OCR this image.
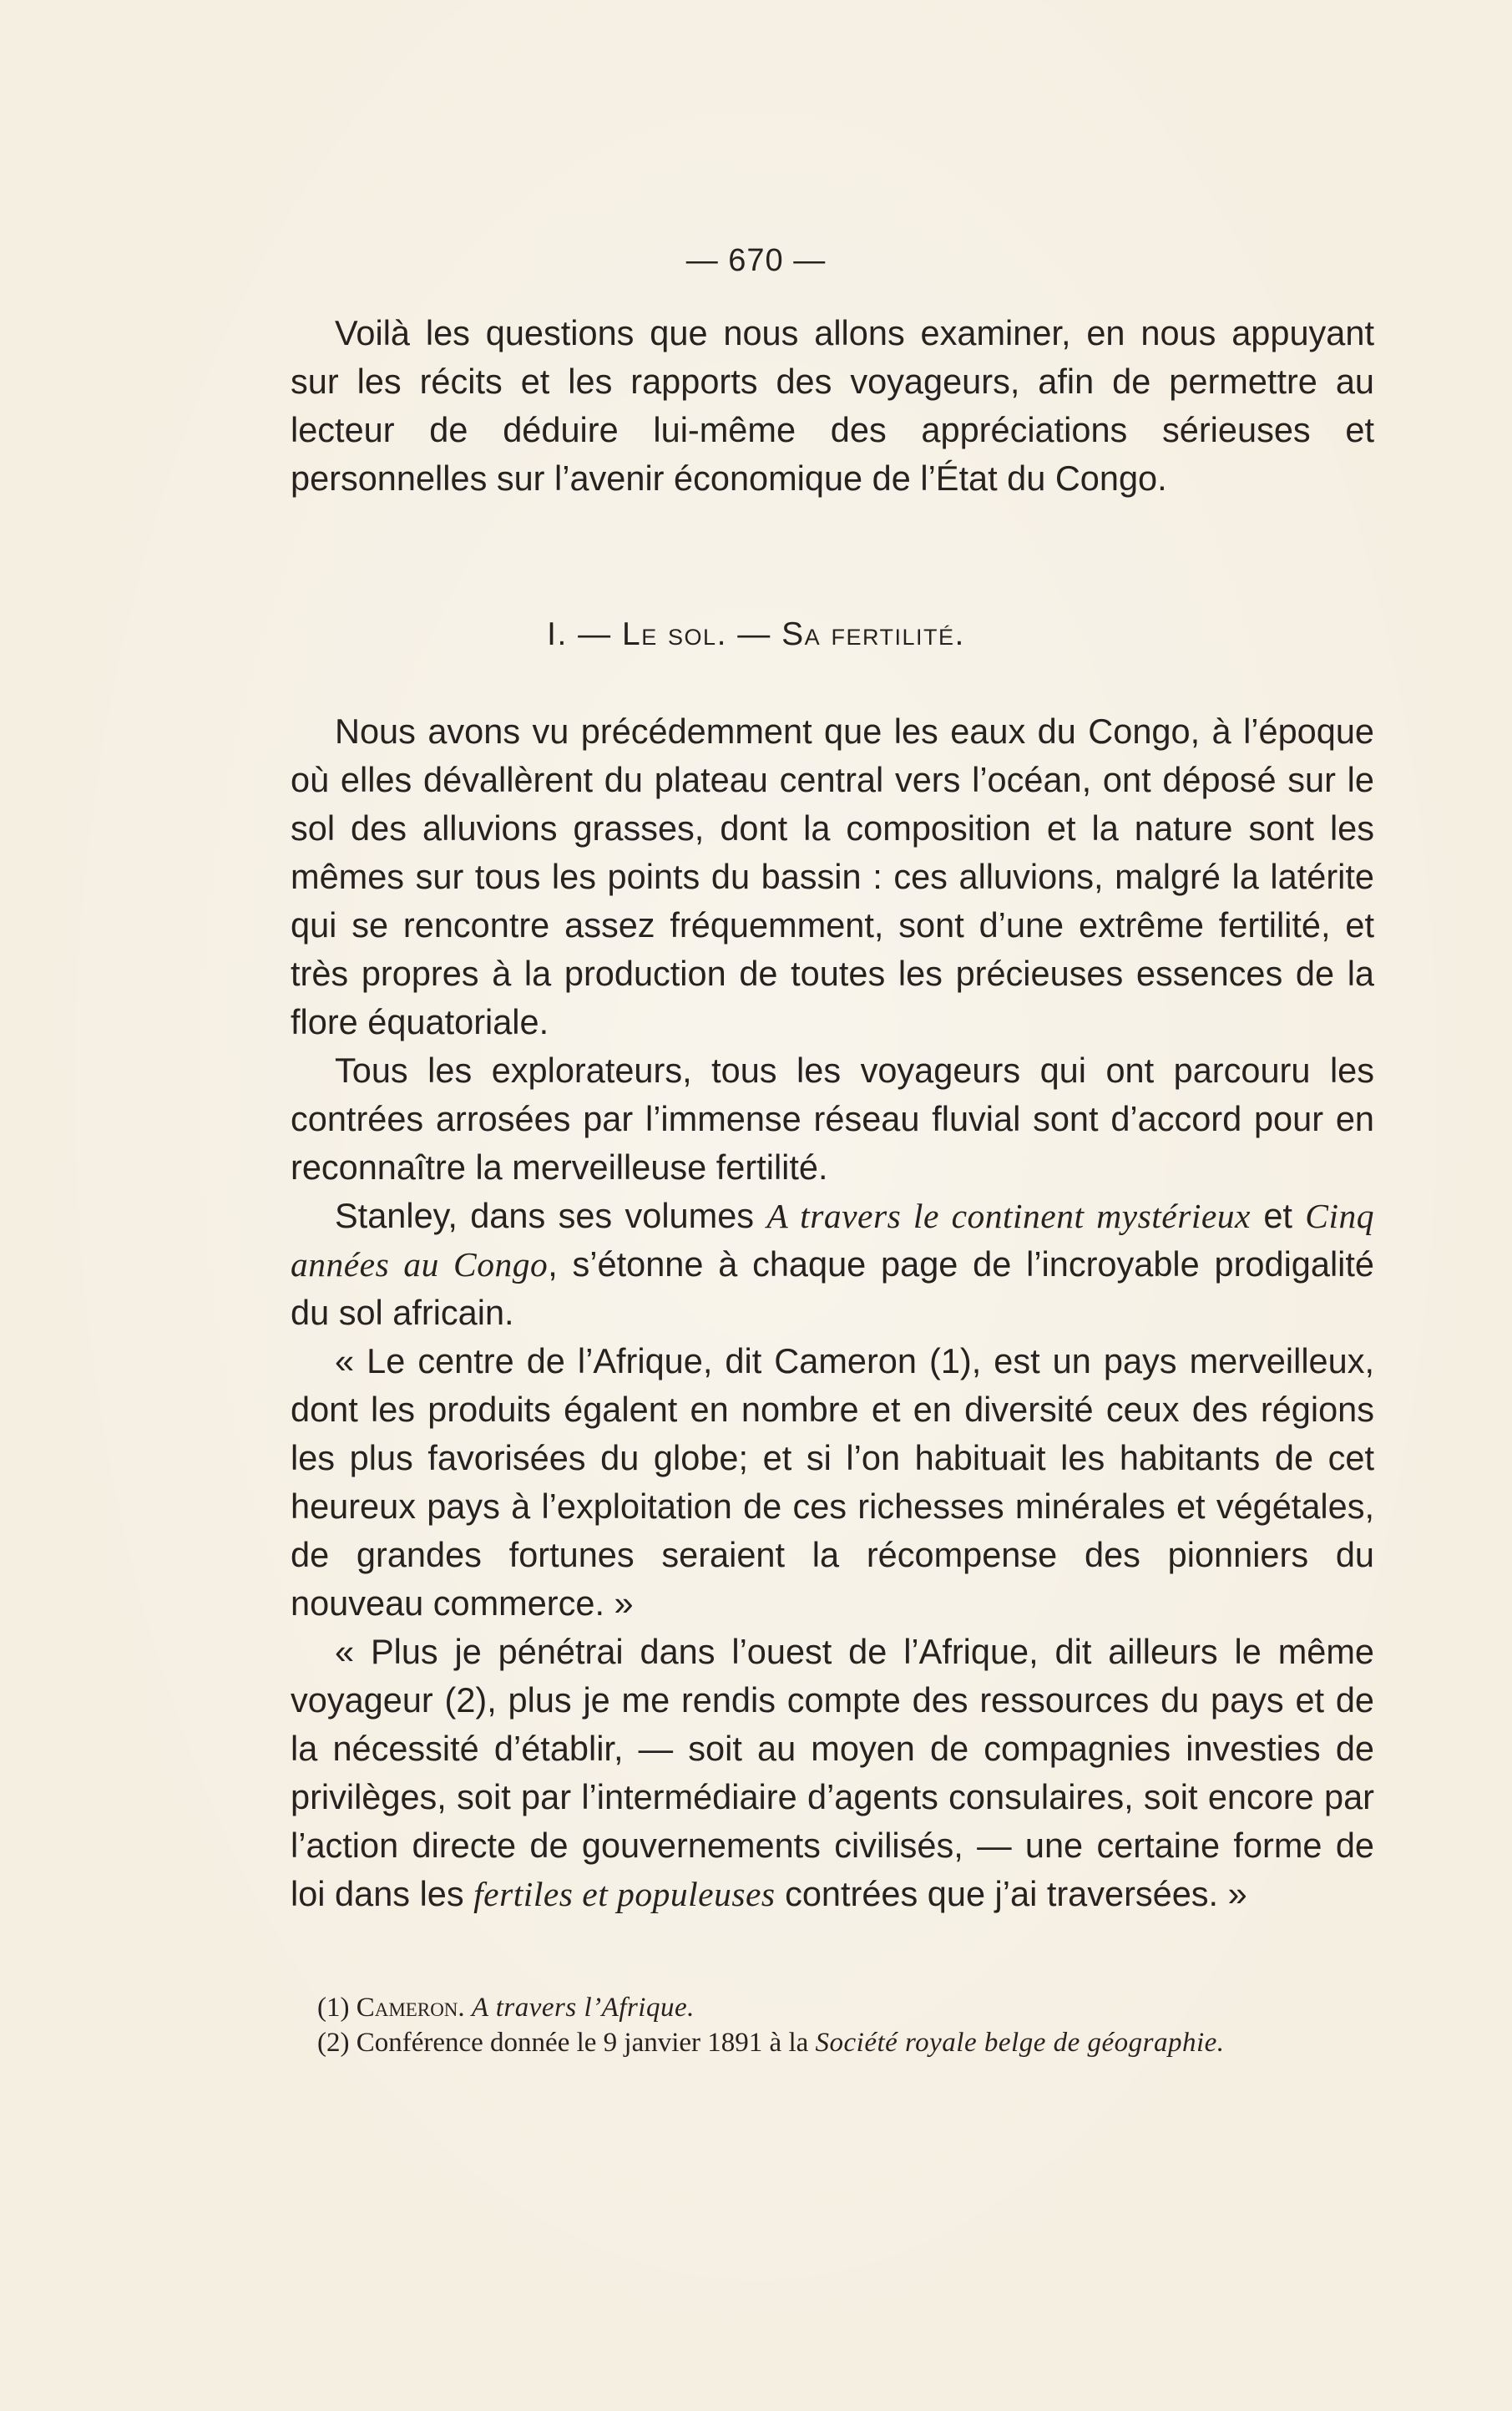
— 670 —

Voilà les questions que nous allons examiner, en nous appuyant sur les récits et les rapports des voyageurs, afin de permettre au lecteur de déduire lui-même des appréciations sérieuses et personnelles sur l’avenir économique de l’État du Congo.

I. — Le sol. — Sa fertilité.

Nous avons vu précédemment que les eaux du Congo, à l’époque où elles dévallèrent du plateau central vers l’océan, ont déposé sur le sol des alluvions grasses, dont la composition et la nature sont les mêmes sur tous les points du bassin : ces alluvions, malgré la latérite qui se rencontre assez fréquemment, sont d’une extrême fertilité, et très propres à la production de toutes les précieuses essences de la flore équatoriale.

Tous les explorateurs, tous les voyageurs qui ont parcouru les contrées arrosées par l’immense réseau fluvial sont d’accord pour en reconnaître la merveilleuse fertilité.

Stanley, dans ses volumes A travers le continent mystérieux et Cinq années au Congo, s’étonne à chaque page de l’incroyable prodigalité du sol africain.

« Le centre de l’Afrique, dit Cameron (1), est un pays merveilleux, dont les produits égalent en nombre et en diversité ceux des régions les plus favorisées du globe; et si l’on habituait les habitants de cet heureux pays à l’exploitation de ces richesses minérales et végétales, de grandes fortunes seraient la récompense des pionniers du nouveau commerce. »

« Plus je pénétrai dans l’ouest de l’Afrique, dit ailleurs le même voyageur (2), plus je me rendis compte des ressources du pays et de la nécessité d’établir, — soit au moyen de compagnies investies de privilèges, soit par l’intermédiaire d’agents consulaires, soit encore par l’action directe de gouvernements civilisés, — une certaine forme de loi dans les fertiles et populeuses contrées que j’ai traversées. »

(1) Cameron. A travers l’Afrique.
(2) Conférence donnée le 9 janvier 1891 à la Société royale belge de géographie.
